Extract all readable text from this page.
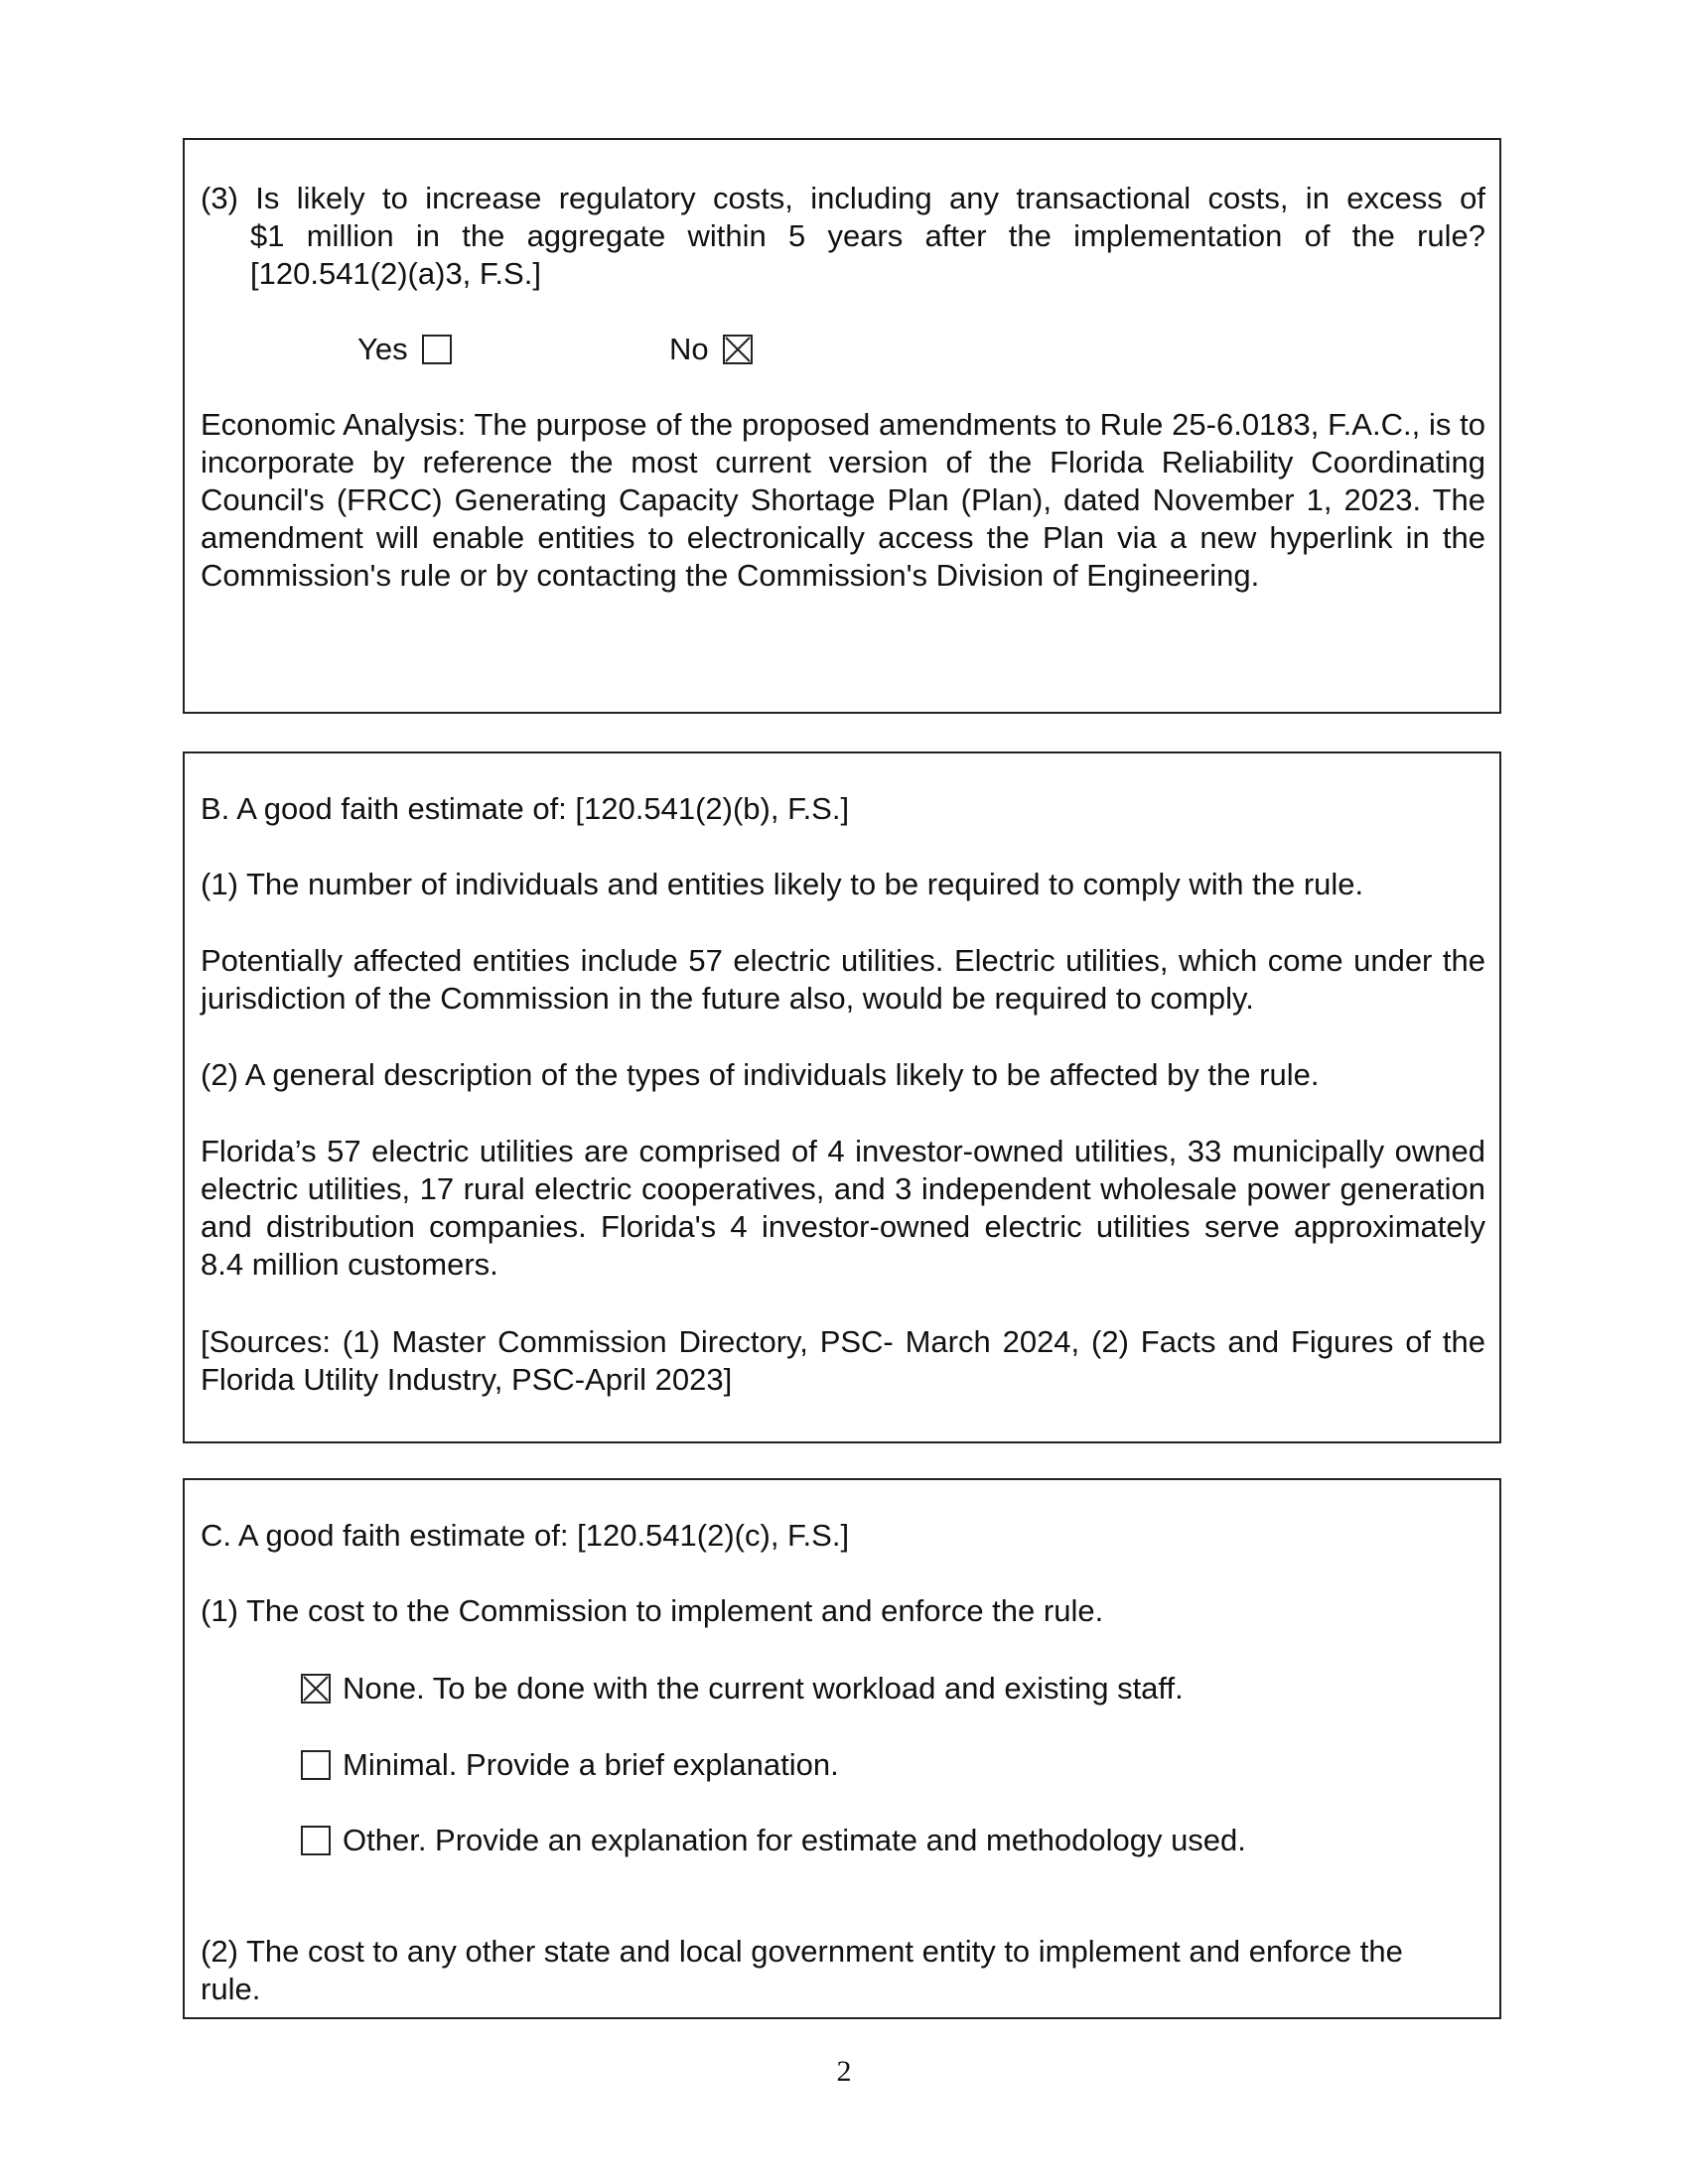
(3) Is likely to increase regulatory costs, including any transactional costs, in excess of
$1 million in the aggregate within 5 years after the implementation of the rule?
[120.541(2)(a)3, F.S.]
Yes	No

Economic Analysis: The purpose of the proposed amendments to Rule 25-6.0183, F.A.C., is to incorporate by reference the most current version of the Florida Reliability Coordinating Council's (FRCC) Generating Capacity Shortage Plan (Plan), dated November 1, 2023. The amendment will enable entities to electronically access the Plan via a new hyperlink in the Commission's rule or by contacting the Commission's Division of Engineering.

B. A good faith estimate of: [120.541(2)(b), F.S.]

(1) The number of individuals and entities likely to be required to comply with the rule.

Potentially affected entities include 57 electric utilities. Electric utilities, which come under the jurisdiction of the Commission in the future also, would be required to comply.

(2) A general description of the types of individuals likely to be affected by the rule.

Florida’s 57 electric utilities are comprised of 4 investor-owned utilities, 33 municipally owned electric utilities, 17 rural electric cooperatives, and 3 independent wholesale power generation and distribution companies. Florida's 4 investor-owned electric utilities serve approximately 8.4 million customers.

[Sources: (1) Master Commission Directory, PSC- March 2024, (2) Facts and Figures of the Florida Utility Industry, PSC-April 2023]

C. A good faith estimate of: [120.541(2)(c), F.S.]

(1) The cost to the Commission to implement and enforce the rule.

None. To be done with the current workload and existing staff.
Minimal. Provide a brief explanation.
Other. Provide an explanation for estimate and methodology used.

(2) The cost to any other state and local government entity to implement and enforce the rule.

2
